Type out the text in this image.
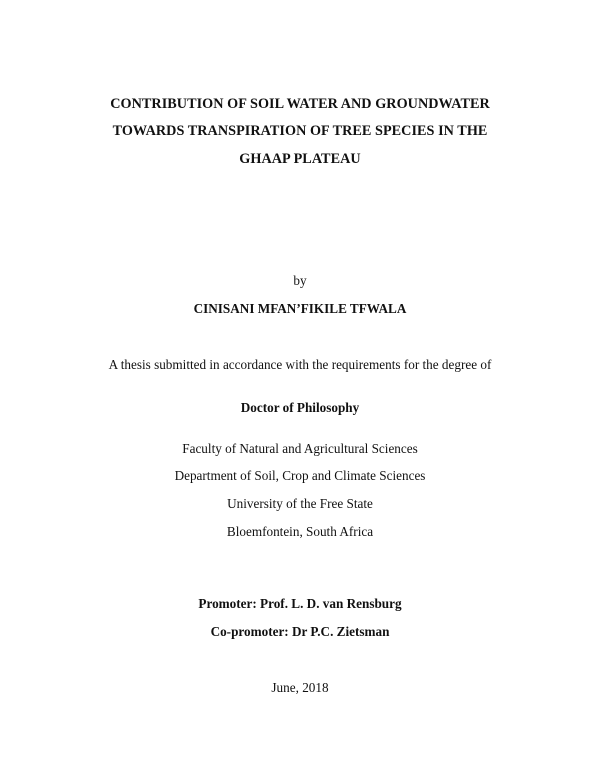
CONTRIBUTION OF SOIL WATER AND GROUNDWATER
TOWARDS TRANSPIRATION OF TREE SPECIES IN THE
GHAAP PLATEAU
by
CINISANI MFAN’FIKILE TFWALA
A thesis submitted in accordance with the requirements for the degree of
Doctor of Philosophy
Faculty of Natural and Agricultural Sciences
Department of Soil, Crop and Climate Sciences
University of the Free State
Bloemfontein, South Africa
Promoter: Prof. L. D. van Rensburg
Co-promoter: Dr P.C. Zietsman
June, 2018
